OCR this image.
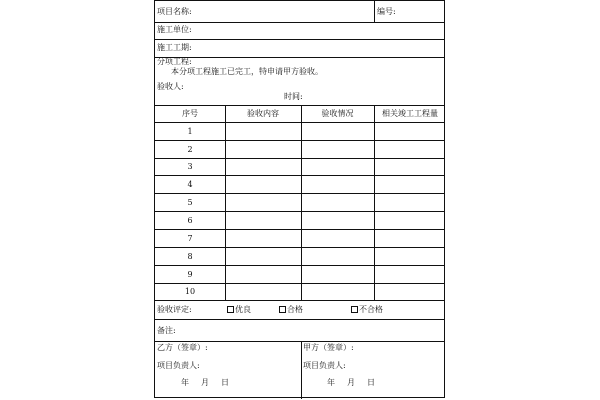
项目名称:	编号:
施工单位:
施工工期:
分项工程:
本分项工程施工已完工，特申请甲方验收。
验收人:
时间:
序号	验收内容	验收情况	相关竣工工程量
1
2
3
4
5
6
7
8
9
10
验收评定:	优良	合格	不合格
备注:
乙方（签章）:
项目负责人:
年 月 日
甲方（签章）:
项目负责人:
年 月 日
